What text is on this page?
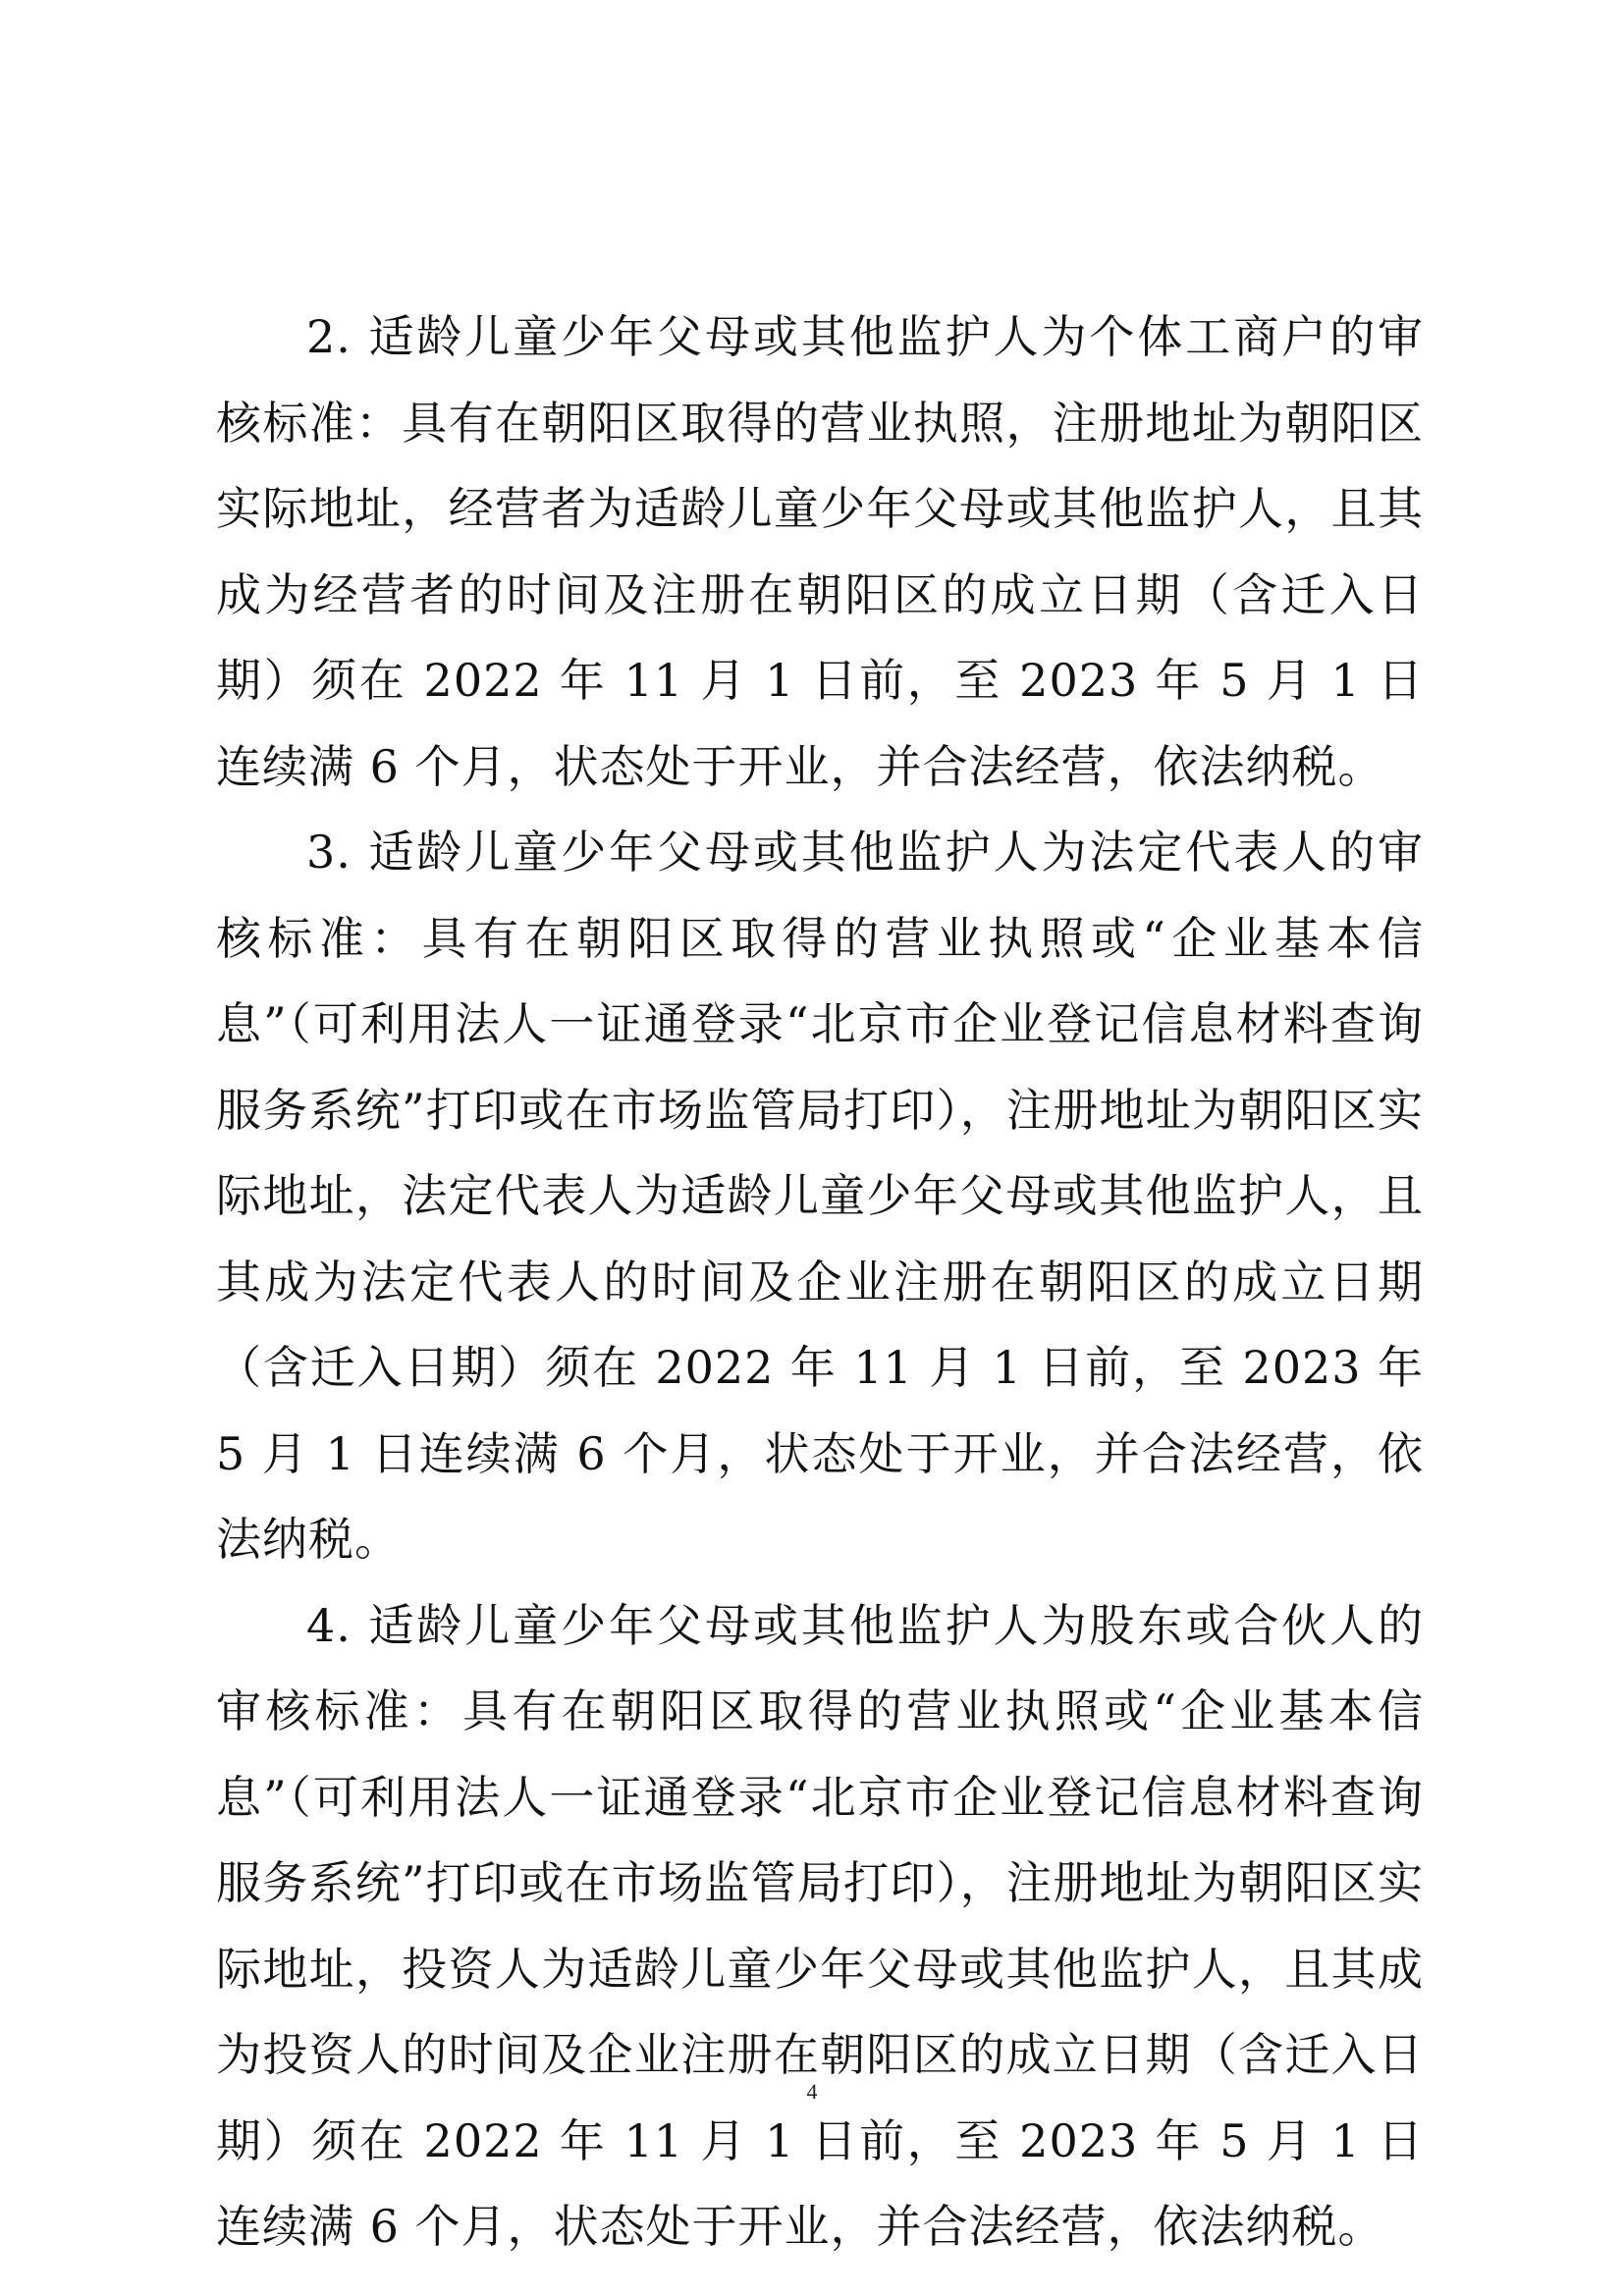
2. 适龄儿童少年父母或其他监护人为个体工商户的审核标准：具有在朝阳区取得的营业执照，注册地址为朝阳区实际地址，经营者为适龄儿童少年父母或其他监护人，且其成为经营者的时间及注册在朝阳区的成立日期（含迁入日期）须在 2022 年 11 月 1 日前，至 2023 年 5 月 1 日连续满 6 个月，状态处于开业，并合法经营，依法纳税。

3. 适龄儿童少年父母或其他监护人为法定代表人的审核标准：具有在朝阳区取得的营业执照或“企业基本信息”（可利用法人一证通登录“北京市企业登记信息材料查询服务系统”打印或在市场监管局打印），注册地址为朝阳区实际地址，法定代表人为适龄儿童少年父母或其他监护人，且其成为法定代表人的时间及企业注册在朝阳区的成立日期（含迁入日期）须在 2022 年 11 月 1 日前，至 2023 年 5 月 1 日连续满 6 个月，状态处于开业，并合法经营，依法纳税。

4. 适龄儿童少年父母或其他监护人为股东或合伙人的审核标准：具有在朝阳区取得的营业执照或“企业基本信息”（可利用法人一证通登录“北京市企业登记信息材料查询服务系统”打印或在市场监管局打印），注册地址为朝阳区实际地址，投资人为适龄儿童少年父母或其他监护人，且其成为投资人的时间及企业注册在朝阳区的成立日期（含迁入日期）须在 2022 年 11 月 1 日前，至 2023 年 5 月 1 日连续满 6 个月，状态处于开业，并合法经营，依法纳税。

4
